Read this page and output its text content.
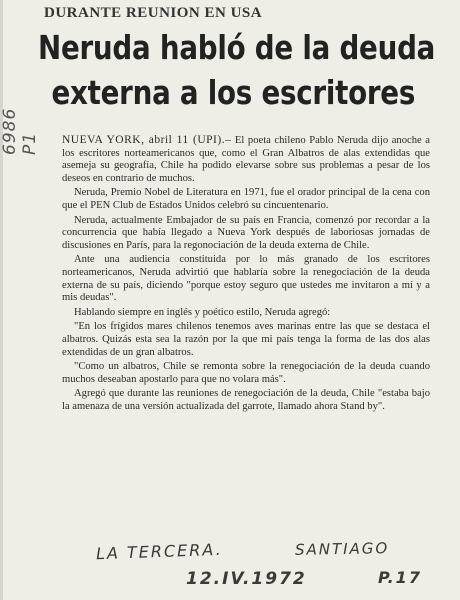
DURANTE REUNION EN USA
Neruda habló de la deuda
externa a los escritores
6986 P1 NUEVA YORK, abril 11 (UPI).– El poeta chileno Pablo Neruda dijo anoche a los escritores norteamericanos que, como el Gran Albatros de alas extendidas que asemeja su geografía, Chile ha podido elevarse sobre sus problemas a pesar de los deseos en contrario de muchos.

Neruda, Premio Nobel de Literatura en 1971, fue el orador principal de la cena con que el PEN Club de Estados Unidos celebró su cincuentenario.

Neruda, actualmente Embajador de su país en Francia, comenzó por recordar a la concurrencia que había llegado a Nueva York después de laboriosas jornadas de discusiones en París, para la regonociación de la deuda externa de Chile.

Ante una audiencia constituida por lo más granado de los escritores norteamericanos, Neruda advirtió que hablaría sobre la renegociación de la deuda externa de su país, diciendo "porque estoy seguro que ustedes me invitaron a mí y a mis deudas".

Hablando siempre en inglés y poético estilo, Neruda agregó:

"En los frígidos mares chilenos tenemos aves marinas entre las que se destaca el albatros. Quizás esta sea la razón por la que mi país tenga la forma de las dos alas extendidas de un gran albatros.

"Como un albatros, Chile se remonta sobre la renegociación de la deuda cuando muchos deseaban apostarlo para que no volara más".

Agregó que durante las reuniones de renegociación de la deuda, Chile "estaba bajo la amenaza de una versión actualizada del garrote, llamado ahora Stand by".

LA TERCERA.	SANTIAGO
12.IV.1972	P.17
